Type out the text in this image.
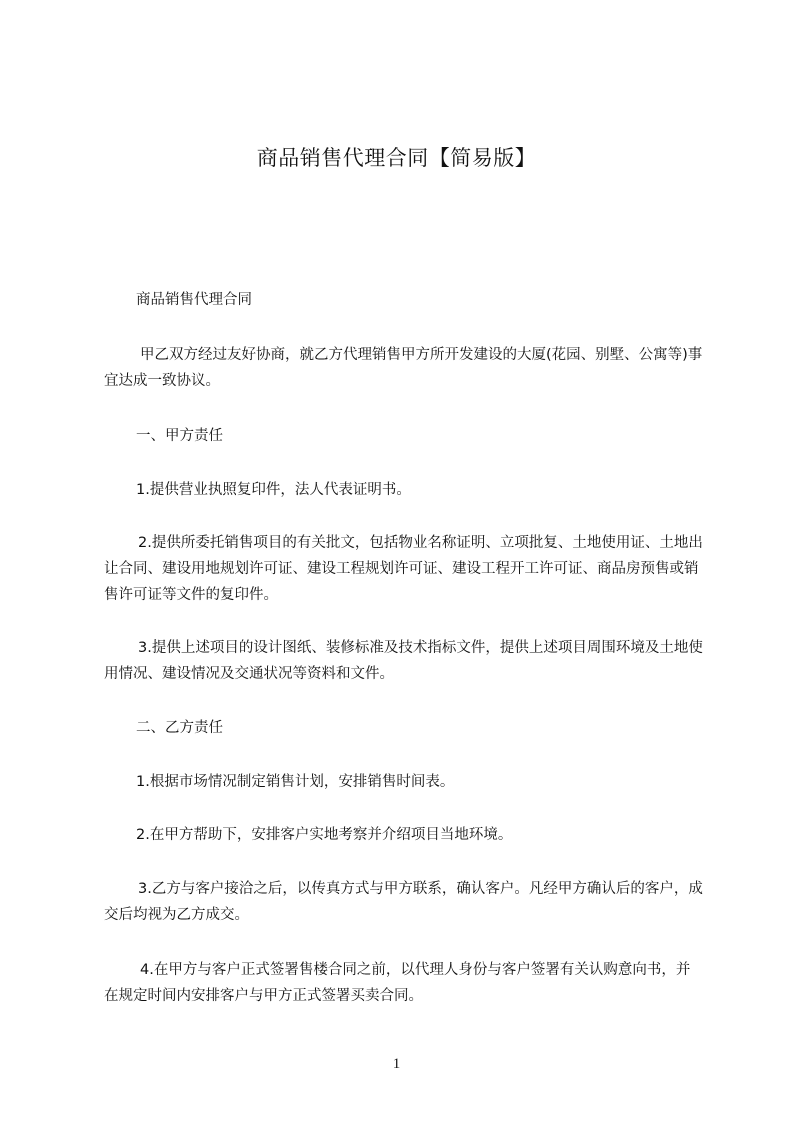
商品销售代理合同【简易版】

商品销售代理合同

甲乙双方经过友好协商，就乙方代理销售甲方所开发建设的大厦(花园、别墅、公寓等)事宜达成一致协议。

一、甲方责任

1.提供营业执照复印件，法人代表证明书。

2.提供所委托销售项目的有关批文，包括物业名称证明、立项批复、土地使用证、土地出让合同、建设用地规划许可证、建设工程规划许可证、建设工程开工许可证、商品房预售或销售许可证等文件的复印件。

3.提供上述项目的设计图纸、装修标准及技术指标文件，提供上述项目周围环境及土地使用情况、建设情况及交通状况等资料和文件。

二、乙方责任

1.根据市场情况制定销售计划，安排销售时间表。

2.在甲方帮助下，安排客户实地考察并介绍项目当地环境。

3.乙方与客户接洽之后，以传真方式与甲方联系，确认客户。凡经甲方确认后的客户，成交后均视为乙方成交。

4.在甲方与客户正式签署售楼合同之前，以代理人身份与客户签署有关认购意向书，并在规定时间内安排客户与甲方正式签署买卖合同。

1
